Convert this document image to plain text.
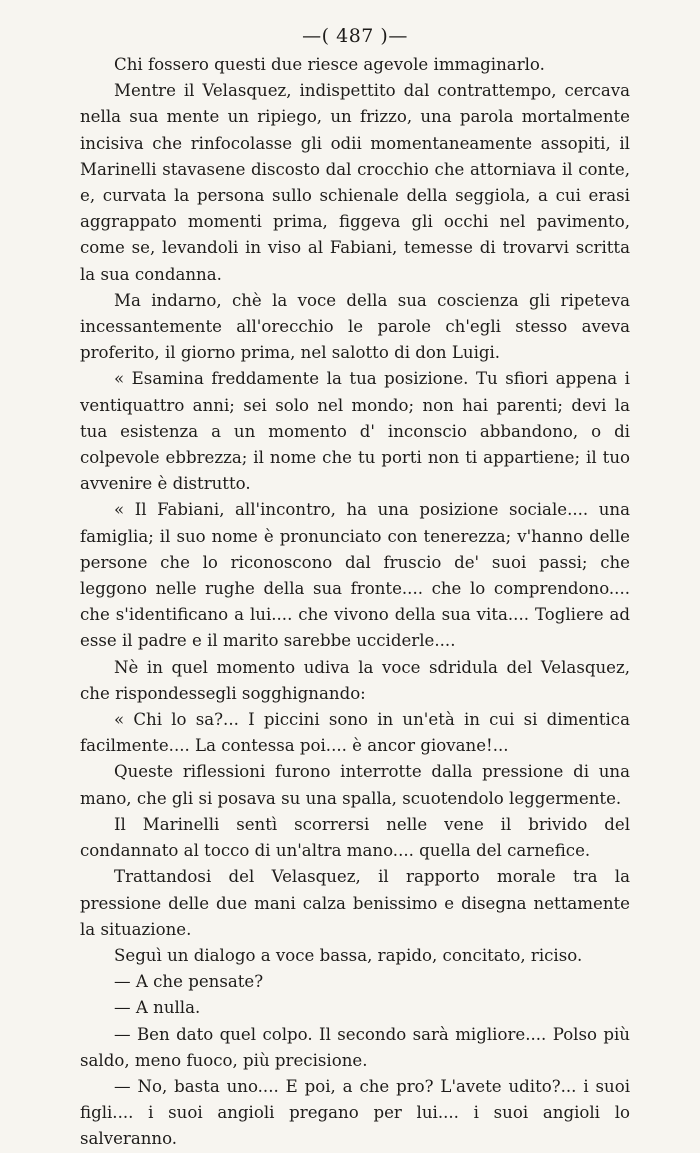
—( 487 )—

Chi fossero questi due riesce agevole immaginarlo.

Mentre il Velasquez, indispettito dal contrattempo, cercava nella sua mente un ripiego, un frizzo, una parola mortalmente incisiva che rinfocolasse gli odii momentaneamente assopiti, il Marinelli stavasene discosto dal crocchio che attorniava il conte, e, curvata la persona sullo schienale della seggiola, a cui erasi aggrappato momenti prima, figgeva gli occhi nel pavimento, come se, levandoli in viso al Fabiani, temesse di trovarvi scritta la sua condanna.

Ma indarno, chè la voce della sua coscienza gli ripeteva incessantemente all'orecchio le parole ch'egli stesso aveva proferito, il giorno prima, nel salotto di don Luigi.

« Esamina freddamente la tua posizione. Tu sfiori appena i ventiquattro anni; sei solo nel mondo; non hai parenti; devi la tua esistenza a un momento d' inconscio abbandono, o di colpevole ebbrezza; il nome che tu porti non ti appartiene; il tuo avvenire è distrutto.

« Il Fabiani, all'incontro, ha una posizione sociale.... una famiglia; il suo nome è pronunciato con tenerezza; v'hanno delle persone che lo riconoscono dal fruscio de' suoi passi; che leggono nelle rughe della sua fronte.... che lo comprendono.... che s'identificano a lui.... che vivono della sua vita.... Togliere ad esse il padre e il marito sarebbe ucciderle....

Nè in quel momento udiva la voce sdridula del Velasquez, che rispondessegli sogghignando:

« Chi lo sa?... I piccini sono in un'età in cui si dimentica facilmente.... La contessa poi.... è ancor giovane!...

Queste riflessioni furono interrotte dalla pressione di una mano, che gli si posava su una spalla, scuotendolo leggermente.

Il Marinelli sentì scorrersi nelle vene il brivido del condannato al tocco di un'altra mano.... quella del carnefice.

Trattandosi del Velasquez, il rapporto morale tra la pressione delle due mani calza benissimo e disegna nettamente la situazione.

Seguì un dialogo a voce bassa, rapido, concitato, riciso.

— A che pensate?

— A nulla.

— Ben dato quel colpo. Il secondo sarà migliore.... Polso più saldo, meno fuoco, più precisione.

— No, basta uno.... E poi, a che pro? L'avete udito?... i suoi figli.... i suoi angioli pregano per lui.... i suoi angioli lo salveranno.
